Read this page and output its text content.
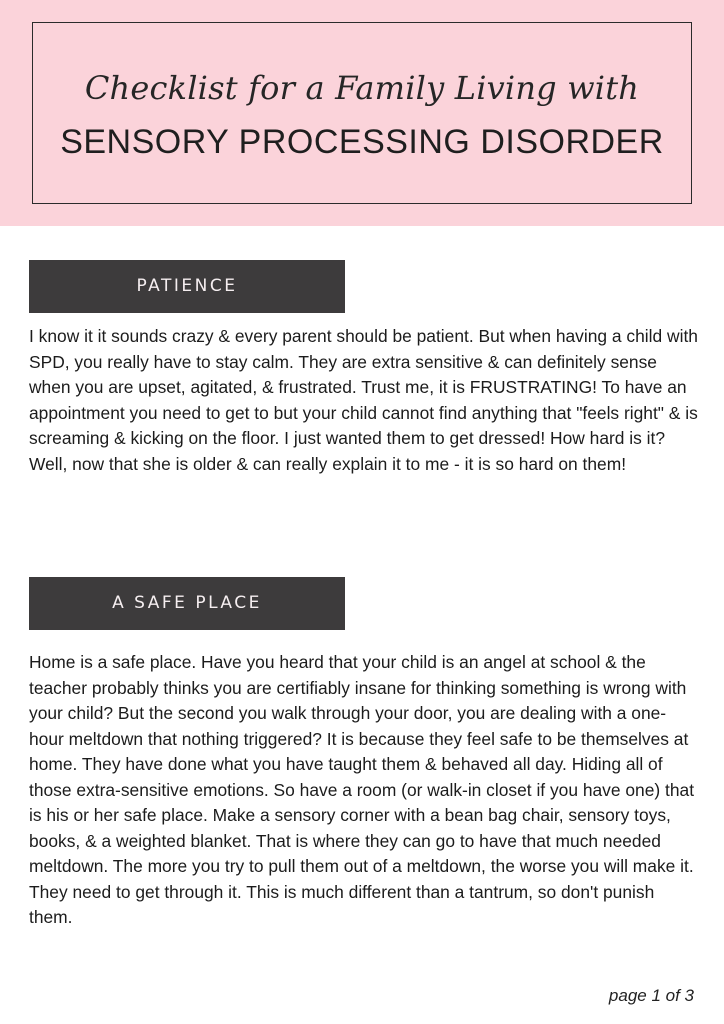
Checklist for a Family Living with
SENSORY PROCESSING DISORDER
PATIENCE
I know it it sounds crazy & every parent should be patient. But when having a child with SPD, you really have to stay calm. They are extra sensitive & can definitely sense when you are upset, agitated, & frustrated. Trust me, it is FRUSTRATING! To have an appointment you need to get to but your child cannot find anything that "feels right" & is screaming & kicking on the floor. I just wanted them to get dressed! How hard is it? Well, now that she is older & can really explain it to me - it is so hard on them!
A SAFE PLACE
Home is a safe place. Have you heard that your child is an angel at school & the teacher probably thinks you are certifiably insane for thinking something is wrong with your child? But the second you walk through your door, you are dealing with a one-hour meltdown that nothing triggered? It is because they feel safe to be themselves at home. They have done what you have taught them & behaved all day. Hiding all of those extra-sensitive emotions. So have a room (or walk-in closet if you have one) that is his or her safe place. Make a sensory corner with a bean bag chair, sensory toys, books, & a weighted blanket. That is where they can go to have that much needed meltdown. The more you try to pull them out of a meltdown, the worse you will make it. They need to get through it. This is much different than a tantrum, so don't punish them.
page 1 of 3
